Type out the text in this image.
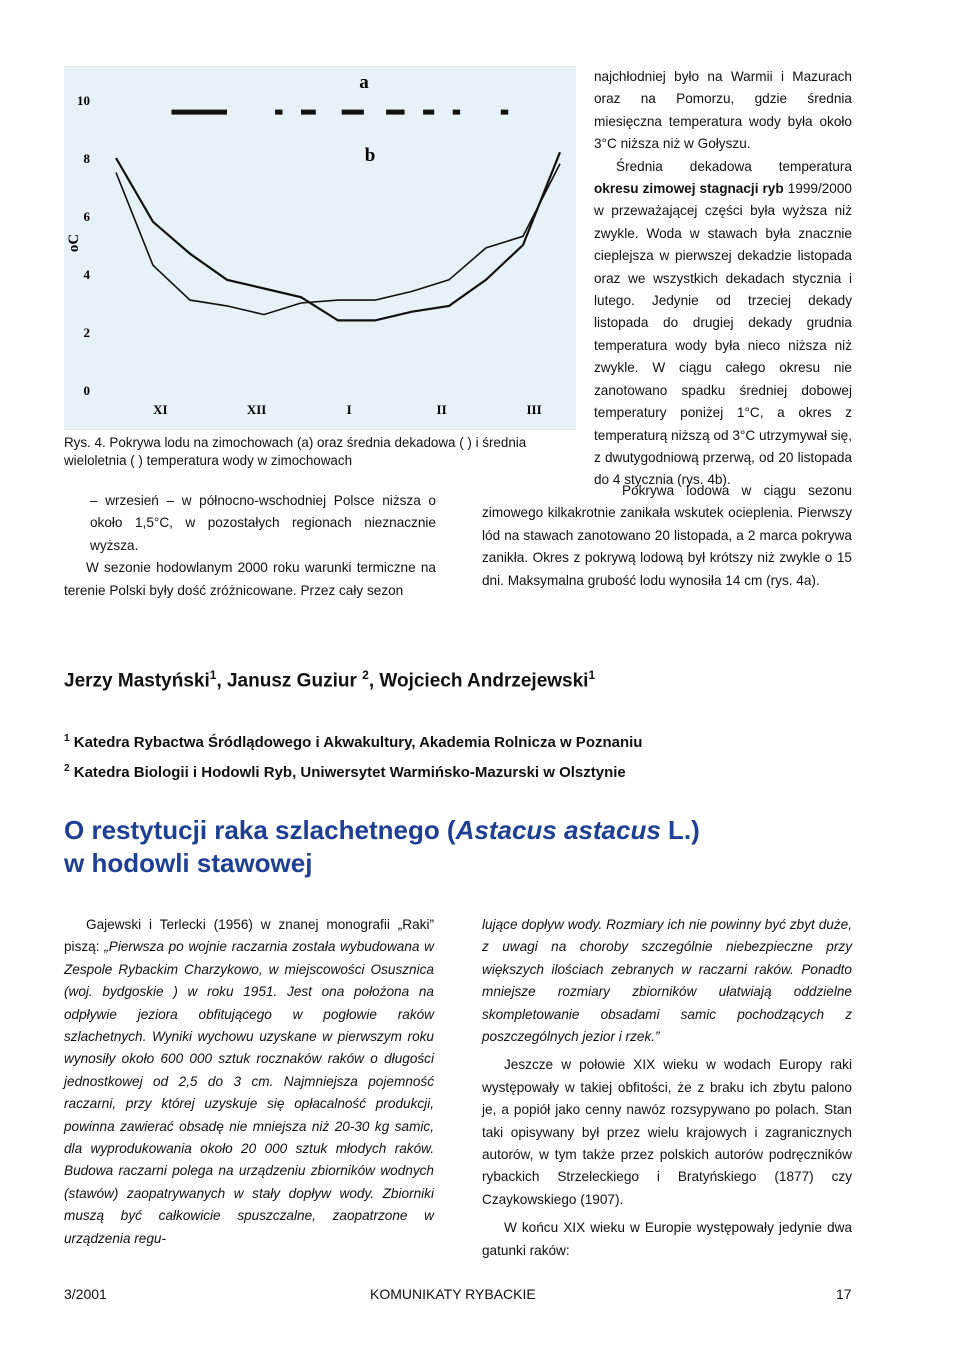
10
8
6
4
2
0
XI	XII	I	II	III
oC
a
b
Rys. 4. Pokrywa lodu na zimochowach (a) oraz średnia dekadowa ( ) i średnia wieloletnia ( ) temperatura wody w zimochowach

– wrzesień – w północno-wschodniej Polsce niższa o około 1,5°C, w pozostałych regionach nieznacznie wyższa.

W sezonie hodowlanym 2000 roku warunki termiczne na terenie Polski były dość zróżnicowane. Przez cały sezon

najchłodniej było na Warmii i Mazurach oraz na Pomorzu, gdzie średnia miesięczna temperatura wody była około 3°C niższa niż w Gołyszu.

Średnia dekadowa temperatura okresu zimowej stagnacji ryb 1999/2000 w przeważającej części była wyższa niż zwykle. Woda w stawach była znacznie cieplejsza w pierwszej dekadzie listopada oraz we wszystkich dekadach stycznia i lutego. Jedynie od trzeciej dekady listopada do drugiej dekady grudnia temperatura wody była nieco niższa niż zwykle. W ciągu całego okresu nie zanotowano spadku średniej dobowej temperatury poniżej 1°C, a okres z temperaturą niższą od 3°C utrzymywał się, z dwutygodniową przerwą, od 20 listopada do 4 stycznia (rys. 4b).

Pokrywa lodowa w ciągu sezonu zimowego kilkakrotnie zanikała wskutek ocieplenia. Pierwszy lód na stawach zanotowano 20 listopada, a 2 marca pokrywa zanikła. Okres z pokrywą lodową był krótszy niż zwykle o 15 dni. Maksymalna grubość lodu wynosiła 14 cm (rys. 4a).

Jerzy Mastyński$^1$, Janusz Guziur $^2$, Wojciech Andrzejewski$^1$
$^1$ Katedra Rybactwa Śródlądowego i Akwakultury, Akademia Rolnicza w Poznaniu
$^2$ Katedra Biologii i Hodowli Ryb, Uniwersytet Warmińsko-Mazurski w Olsztynie
O restytucji raka szlachetnego (Astacus astacus L.)
w hodowli stawowej

Gajewski i Terlecki (1956) w znanej monografii „Raki” piszą: „Pierwsza po wojnie raczarnia została wybudowana w Zespole Rybackim Charzykowo, w miejscowości Osusznica (woj. bydgoskie ) w roku 1951. Jest ona położona na odpływie jeziora obfitującego w pogłowie raków szlachetnych. Wyniki wychowu uzyskane w pierwszym roku wynosiły około 600 000 sztuk rocznaków raków o długości jednostkowej od 2,5 do 3 cm. Najmniejsza pojemność raczarni, przy której uzyskuje się opłacalność produkcji, powinna zawierać obsadę nie mniejsza niż 20-30 kg samic, dla wyprodukowania około 20 000 sztuk młodych raków. Budowa raczarni polega na urządzeniu zbiorników wodnych (stawów) zaopatrywanych w stały dopływ wody. Zbiorniki muszą być całkowicie spuszczalne, zaopatrzone w urządzenia regu-

lujące dopływ wody. Rozmiary ich nie powinny być zbyt duże, z uwagi na choroby szczególnie niebezpieczne przy większych ilościach zebranych w raczarni raków. Ponadto mniejsze rozmiary zbiorników ułatwiają oddzielne skompletowanie obsadami samic pochodzących z poszczególnych jezior i rzek.”

Jeszcze w połowie XIX wieku w wodach Europy raki występowały w takiej obfitości, że z braku ich zbytu palono je, a popiół jako cenny nawóz rozsypywano po polach. Stan taki opisywany był przez wielu krajowych i zagranicznych autorów, w tym także przez polskich autorów podręczników rybackich Strzeleckiego i Bratyńskiego (1877) czy Czaykowskiego (1907).

W końcu XIX wieku w Europie występowały jedynie dwa gatunki raków:

3/2001	KOMUNIKATY RYBACKIE	17
